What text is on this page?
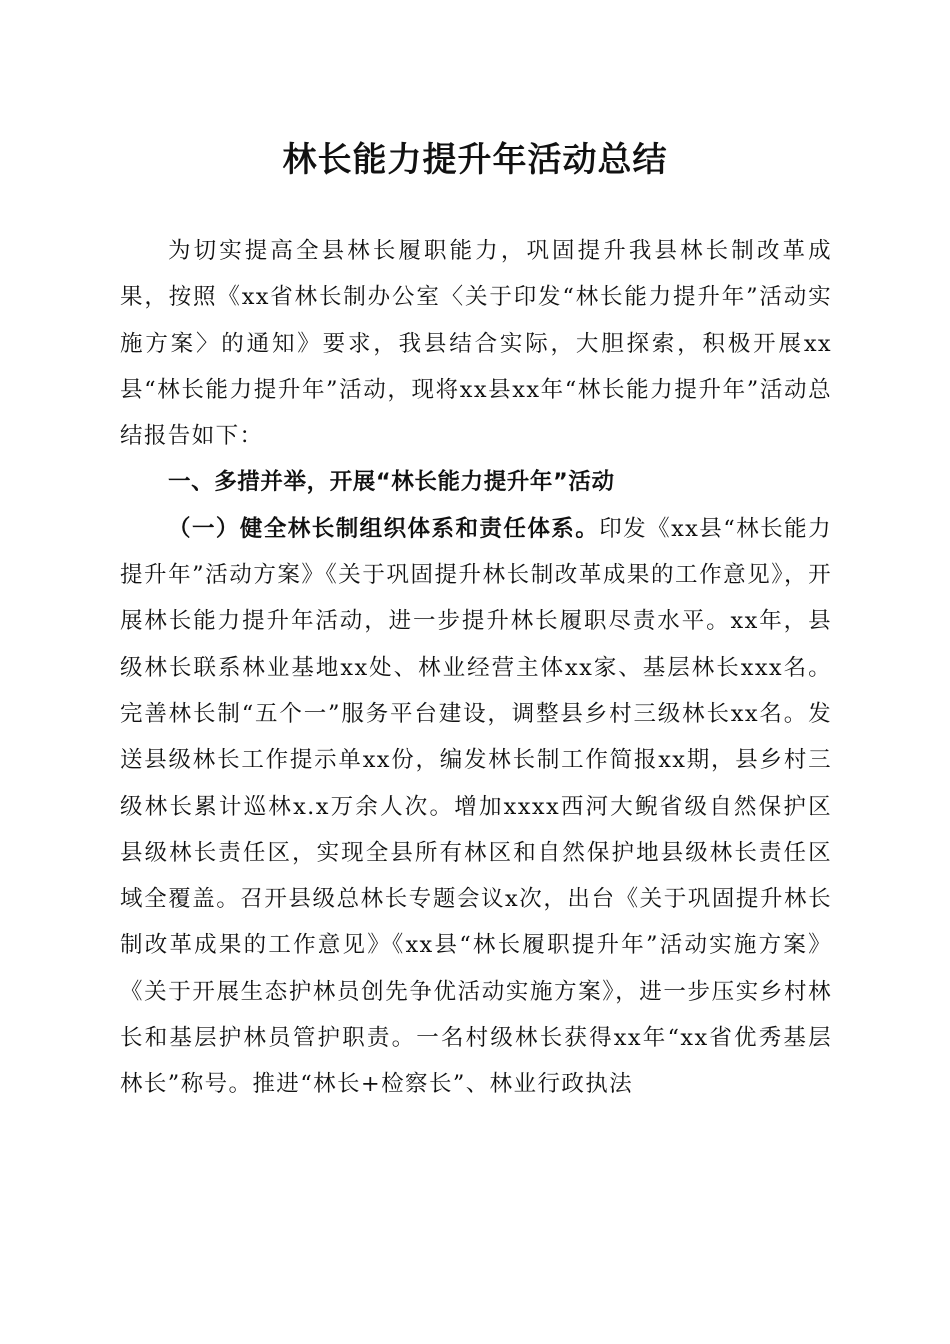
林长能力提升年活动总结

为切实提高全县林长履职能力，巩固提升我县林长制改革成果，按照《xx省林长制办公室〈关于印发“林长能力提升年”活动实施方案〉的通知》要求，我县结合实际，大胆探索，积极开展xx县“林长能力提升年”活动，现将xx县xx年“林长能力提升年”活动总结报告如下：

一、多措并举，开展“林长能力提升年”活动

（一）健全林长制组织体系和责任体系。印发《xx县“林长能力提升年”活动方案》《关于巩固提升林长制改革成果的工作意见》，开展林长能力提升年活动，进一步提升林长履职尽责水平。xx年，县级林长联系林业基地xx处、林业经营主体xx家、基层林长xxx名。完善林长制“五个一”服务平台建设，调整县乡村三级林长xx名。发送县级林长工作提示单xx份，编发林长制工作简报xx期，县乡村三级林长累计巡林x.x万余人次。增加xxxx西河大鲵省级自然保护区县级林长责任区，实现全县所有林区和自然保护地县级林长责任区域全覆盖。召开县级总林长专题会议x次，出台《关于巩固提升林长制改革成果的工作意见》《xx县“林长履职提升年”活动实施方案》《关于开展生态护林员创先争优活动实施方案》，进一步压实乡村林长和基层护林员管护职责。一名村级林长获得xx年“xx省优秀基层林长”称号。推进“林长+检察长”、林业行政执法
